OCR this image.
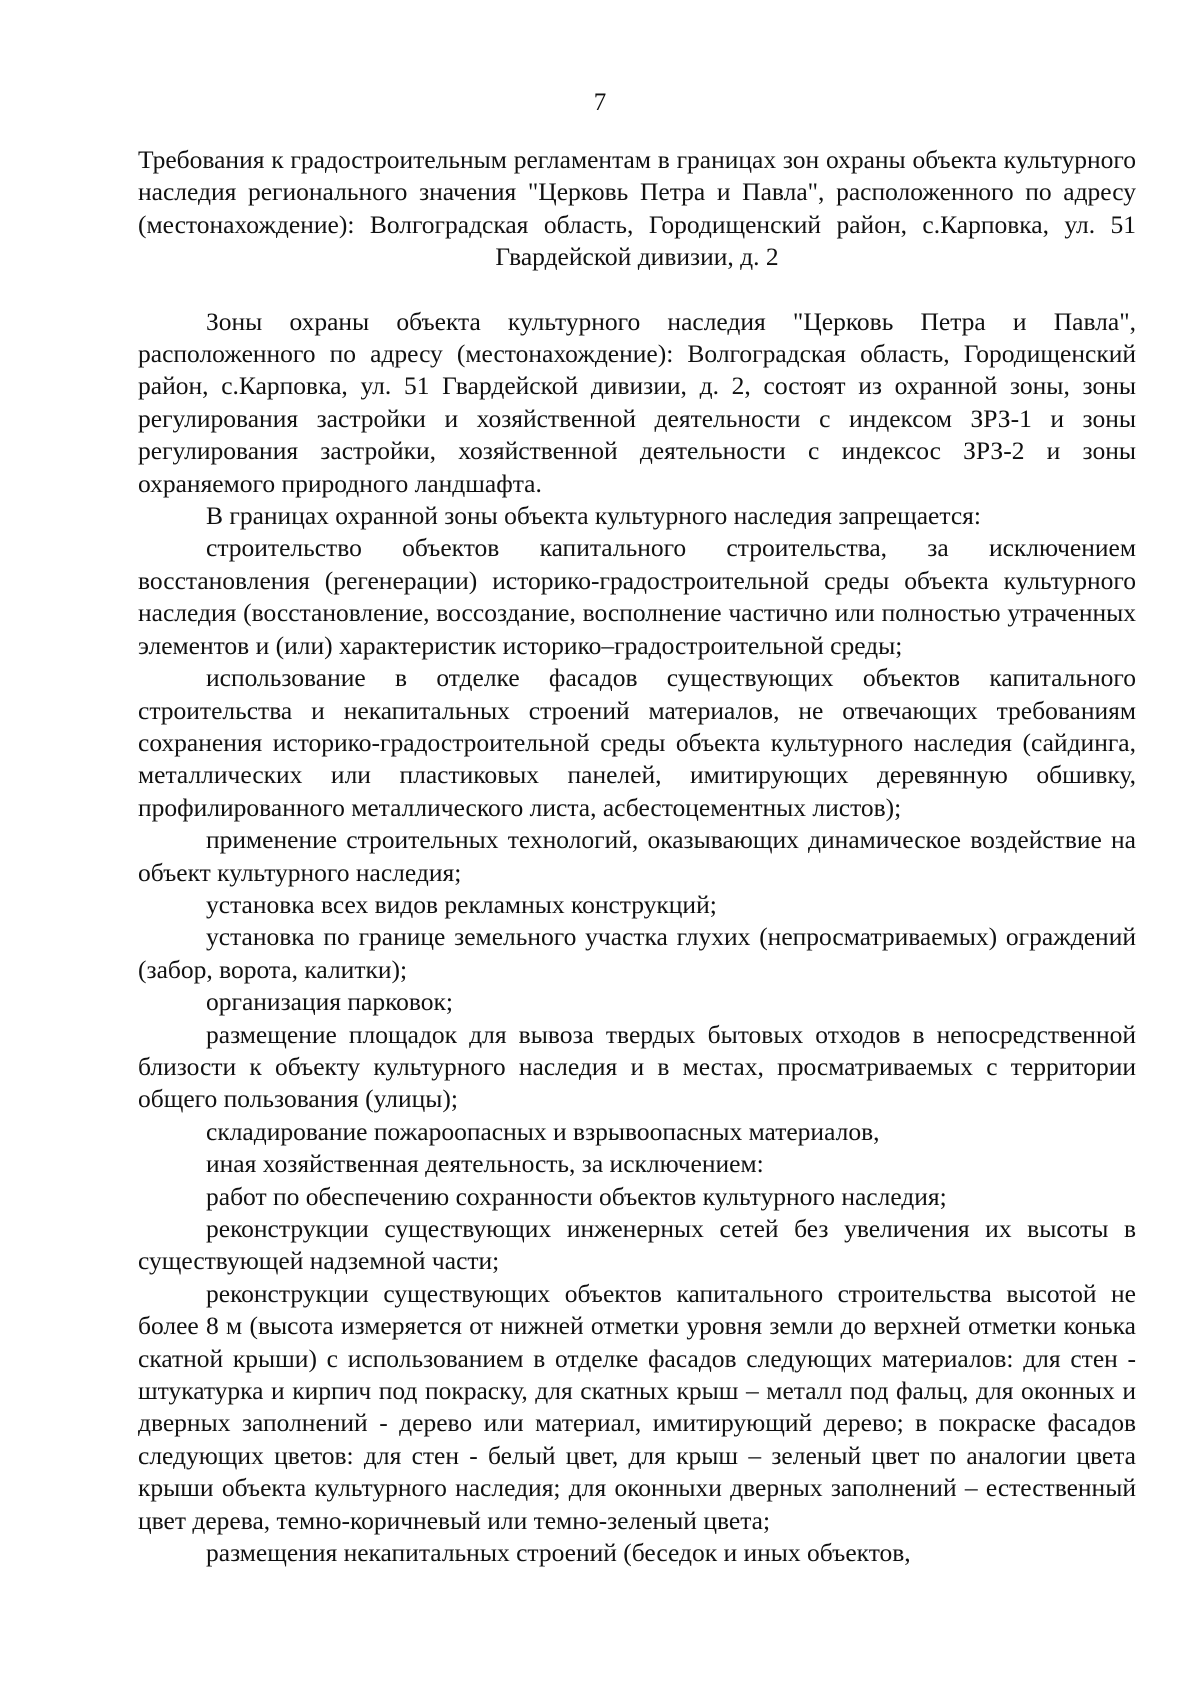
7
Требования к градостроительным регламентам в границах зон охраны объекта культурного наследия регионального значения "Церковь Петра и Павла", расположенного по адресу (местонахождение): Волгоградская область, Городищенский район, с.Карповка, ул. 51 Гвардейской дивизии, д. 2

Зоны охраны объекта культурного наследия "Церковь Петра и Павла", расположенного по адресу (местонахождение): Волгоградская область, Городищенский район, с.Карповка, ул. 51 Гвардейской дивизии, д. 2, состоят из охранной зоны, зоны регулирования застройки и хозяйственной деятельности с индексом ЗРЗ-1 и зоны регулирования застройки, хозяйственной деятельности с индексос ЗРЗ-2 и зоны охраняемого природного ландшафта.

В границах охранной зоны объекта культурного наследия запрещается:

строительство объектов капитального строительства, за исключением восстановления (регенерации) историко-градостроительной среды объекта культурного наследия (восстановление, воссоздание, восполнение частично или полностью утраченных элементов и (или) характеристик историко–градостроительной среды;

использование в отделке фасадов существующих объектов капитального строительства и некапитальных строений материалов, не отвечающих требованиям сохранения историко-градостроительной среды объекта культурного наследия (сайдинга, металлических или пластиковых панелей, имитирующих деревянную обшивку, профилированного металлического листа, асбестоцементных листов);

применение строительных технологий, оказывающих динамическое воздействие на объект культурного наследия;

установка всех видов рекламных конструкций;

установка по границе земельного участка глухих (непросматриваемых) ограждений (забор, ворота, калитки);

организация парковок;

размещение площадок для вывоза твердых бытовых отходов в непосредственной близости к объекту культурного наследия и в местах, просматриваемых с территории общего пользования (улицы);

складирование пожароопасных и взрывоопасных материалов,

иная хозяйственная деятельность, за исключением:

работ по обеспечению сохранности объектов культурного наследия;

реконструкции существующих инженерных сетей без увеличения их высоты в существующей надземной части;

реконструкции существующих объектов капитального строительства высотой не более 8 м (высота измеряется от нижней отметки уровня земли до верхней отметки конька скатной крыши) с использованием в отделке фасадов следующих материалов: для стен - штукатурка и кирпич под покраску, для скатных крыш – металл под фальц, для оконных и дверных заполнений - дерево или материал, имитирующий дерево; в покраске фасадов следующих цветов: для стен - белый цвет, для крыш – зеленый цвет по аналогии цвета крыши объекта культурного наследия; для оконныхи дверных заполнений – естественный цвет дерева, темно-коричневый или темно-зеленый цвета;

размещения некапитальных строений (беседок и иных объектов,
